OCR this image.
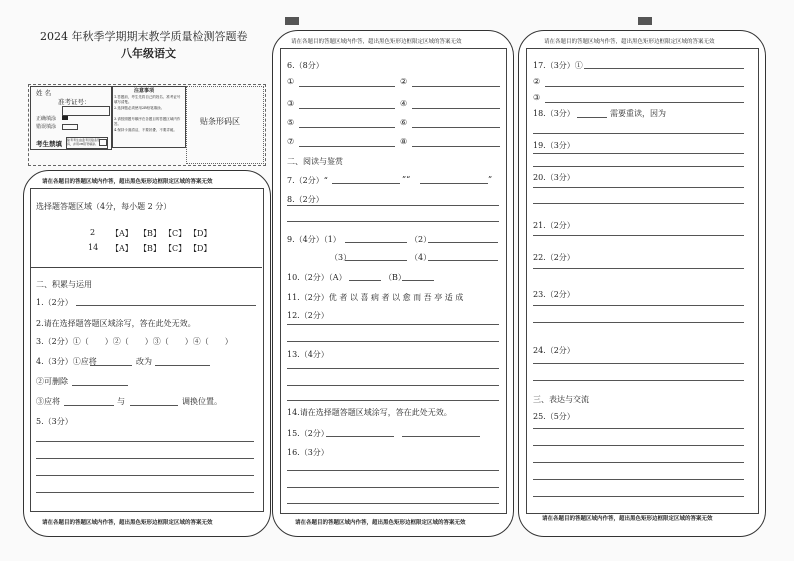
2024 年秋季学期期末教学质量检测答题卷
八年级语文
姓 名
准考证号：
正确填涂
错误填涂
考生禁填 缺考考生由监考员贴条形码，并用2B铅笔填涂。
注意事项
1.答题前，考生先将自己的姓名、准考证号填写清楚。
2.选择题必须使用2B铅笔填涂。
3.请按照题号顺序在各题目的答题区域内作答。
4.保持卡面清洁，不要折叠、不要弄破。
贴条形码区
请在各题目的答题区域内作答，超出黑色矩形边框限定区域的答案无效
选择题答题区域（4分，每小题 2 分）
2 【A】 【B】 【C】 【D】
14 【A】 【B】 【C】 【D】
二、积累与运用
1.（2分）
2.请在选择题答题区域涂写，答在此处无效。
3.（2分）①（　　）②（　　）③（　　）④（　　）
4.（3分）①应将	改为
②可删除
③应将	与	调换位置。
5.（3分）
请在各题目的答题区域内作答，超出黑色矩形边框限定区域的答案无效
请在各题目的答题区域内作答，超出黑色矩形边框限定区域的答案无效
6.（8分）
①	②
③	④
⑤	⑥
⑦	⑧
二、阅读与鉴赏
7.（2分）“	”“	”
8.（2分）
9.（4分）（1）	（2）
（3）	（4）
10.（2分）（A）	（B）
11.（2分）优 者 以 喜 病 者 以 愈 而 吾 亭 适 成
12.（2分）
13.（4分）
14.请在选择题答题区域涂写，答在此处无效。
15.（2分）
16.（3分）
请在各题目的答题区域内作答，超出黑色矩形边框限定区域的答案无效
请在各题目的答题区域内作答，超出黑色矩形边框限定区域的答案无效
17.（3分）①
②
③
18.（3分）	需要重读，因为
19.（3分）
20.（3分）
21.（2分）
22.（2分）
23.（2分）
24.（2分）
三、表达与交流
25.（5分）
请在各题目的答题区域内作答，超出黑色矩形边框限定区域的答案无效
